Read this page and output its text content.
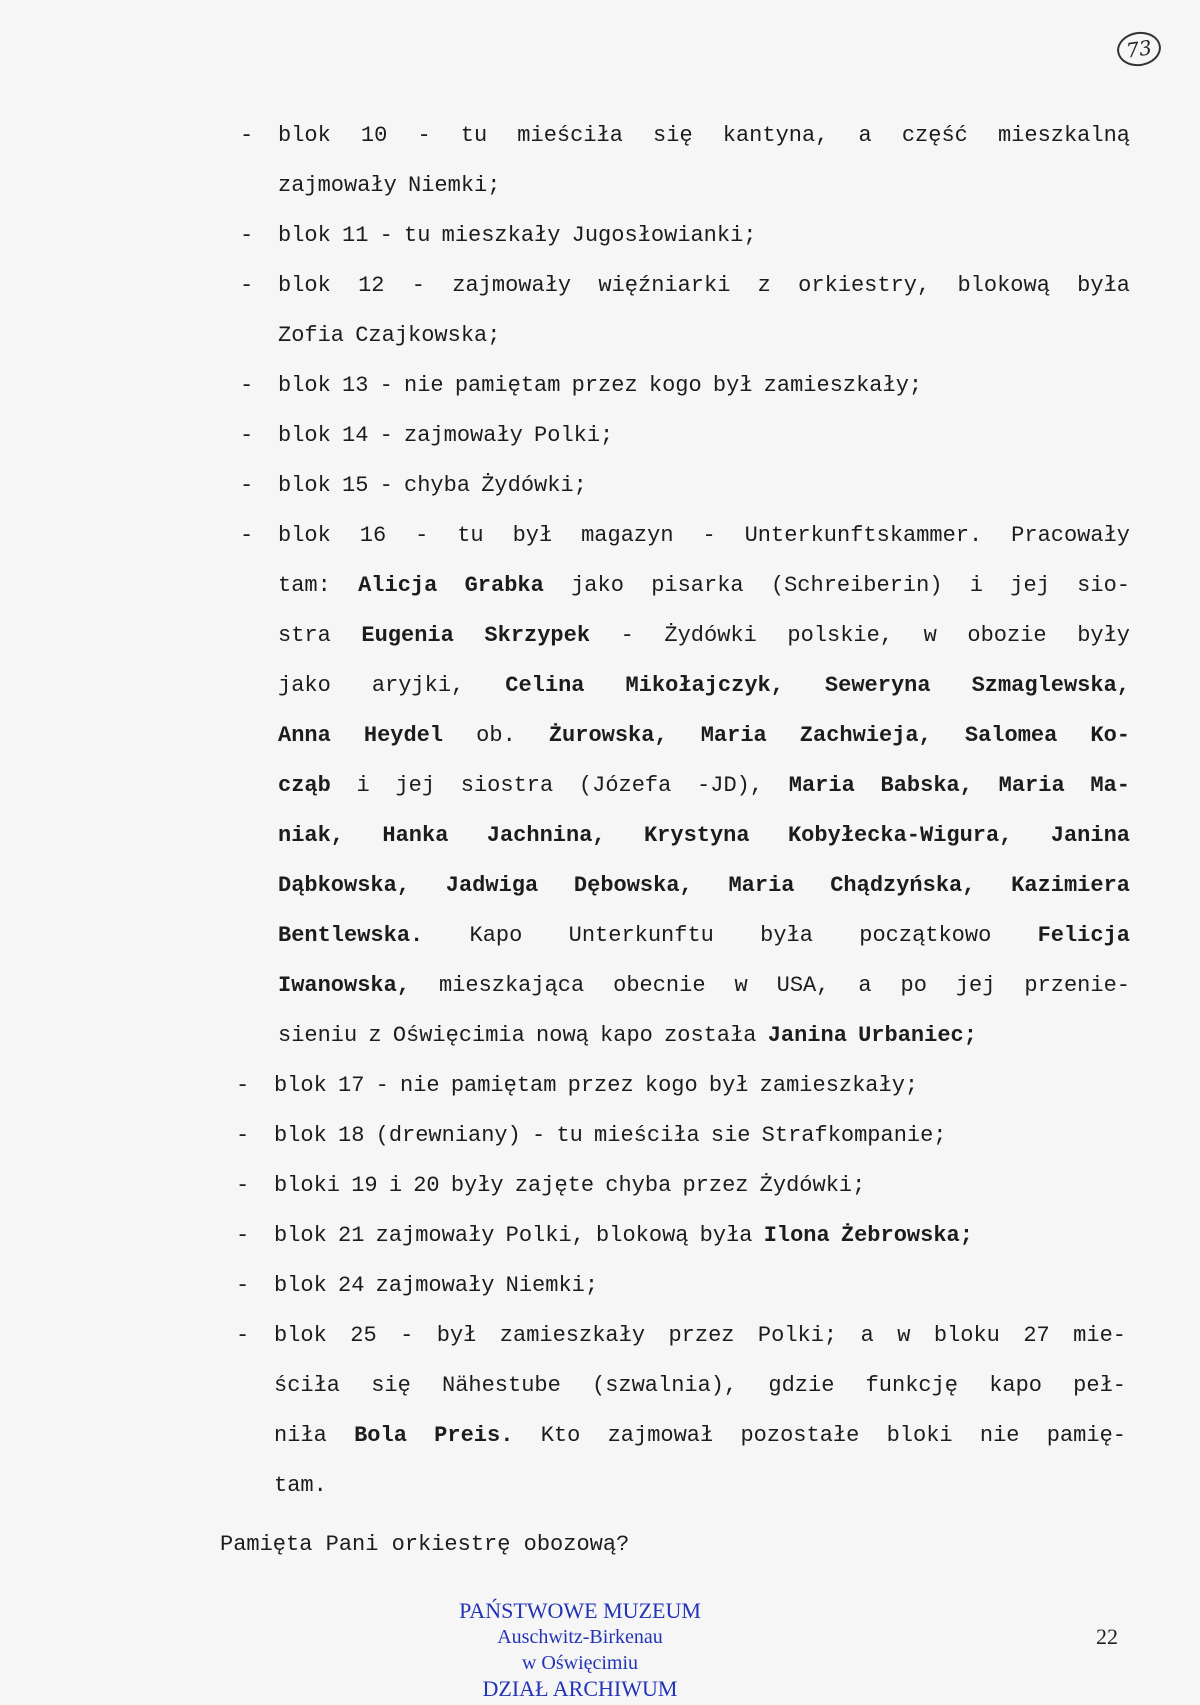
73
- blok 10 - tu mieściła się kantyna, a część mieszkalną
zajmowały Niemki;
- blok 11 - tu mieszkały Jugosłowianki;
- blok 12 - zajmowały więźniarki z orkiestry, blokową była
Zofia Czajkowska;
- blok 13 - nie pamiętam przez kogo był zamieszkały;
- blok 14 - zajmowały Polki;
- blok 15 - chyba Żydówki;
- blok 16 - tu był magazyn - Unterkunftskammer. Pracowały
tam: Alicja Grabka jako pisarka (Schreiberin) i jej sio-
stra Eugenia Skrzypek - Żydówki polskie, w obozie były
jako aryjki, Celina Mikołajczyk, Seweryna Szmaglewska,
Anna Heydel ob. Żurowska, Maria Zachwieja, Salomea Ko-
cząb i jej siostra (Józefa -JD), Maria Babska, Maria Ma-
niak, Hanka Jachnina, Krystyna Kobyłecka-Wigura, Janina
Dąbkowska, Jadwiga Dębowska, Maria Chądzyńska, Kazimiera
Bentlewska. Kapo Unterkunftu była początkowo Felicja
Iwanowska, mieszkająca obecnie w USA, a po jej przenie-
sieniu z Oświęcimia nową kapo została Janina Urbaniec;
- blok 17 - nie pamiętam przez kogo był zamieszkały;
- blok 18 (drewniany) - tu mieściła sie Strafkompanie;
- bloki 19 i 20 były zajęte chyba przez Żydówki;
- blok 21 zajmowały Polki, blokową była Ilona Żebrowska;
- blok 24 zajmowały Niemki;
- blok 25 - był zamieszkały przez Polki; a w bloku 27 mie-
ściła się Nähestube (szwalnia), gdzie funkcję kapo peł-
niła Bola Preis. Kto zajmował pozostałe bloki nie pamię-
tam.
Pamięta Pani orkiestrę obozową?
PAŃSTWOWE MUZEUM
Auschwitz-Birkenau
w Oświęcimiu
DZIAŁ ARCHIWUM
22
